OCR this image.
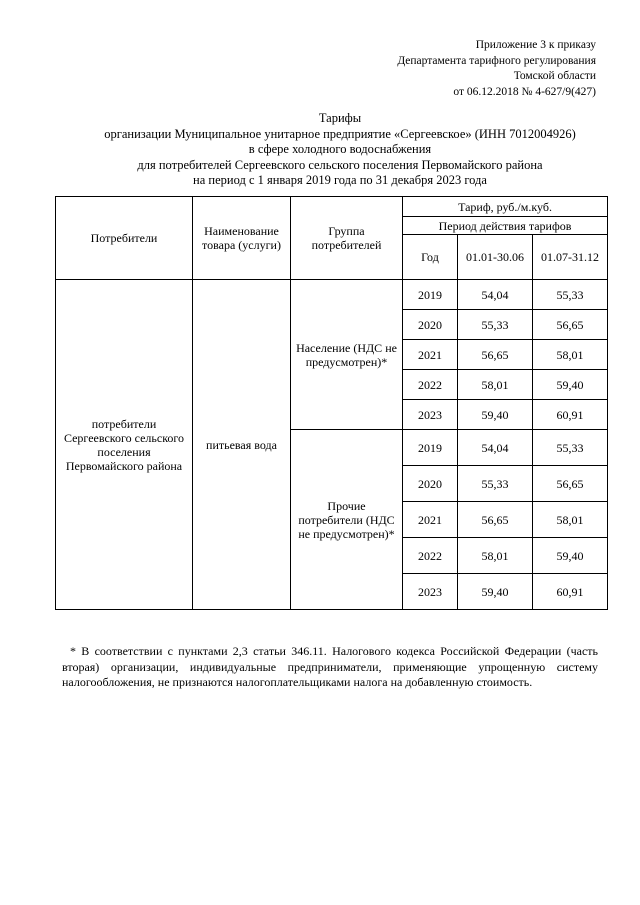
Приложение 3 к приказу
Департамента тарифного регулирования
Томской области
от 06.12.2018 № 4-627/9(427)
Тарифы
организации Муниципальное унитарное предприятие «Сергеевское» (ИНН 7012004926)
в сфере холодного водоснабжения
для потребителей Сергеевского сельского поселения Первомайского района
на период с 1 января 2019 года по 31 декабря 2023 года
Потребители	Наименование товара (услуги)	Группа потребителей	Тариф, руб./м.куб.		
			Период действия тарифов		
			Год	01.01-30.06	01.07-31.12
потребители Сергеевского сельского поселения Первомайского района	питьевая вода	Население (НДС не предусмотрен)*	2019	54,04	55,33
			2020	55,33	56,65
			2021	56,65	58,01
			2022	58,01	59,40
			2023	59,40	60,91
		Прочие потребители (НДС не предусмотрен)*	2019	54,04	55,33
			2020	55,33	56,65
			2021	56,65	58,01
			2022	58,01	59,40
			2023	59,40	60,91
* В соответствии с пунктами 2,3 статьи 346.11. Налогового кодекса Российской Федерации (часть вторая) организации, индивидуальные предприниматели, применяющие упрощенную систему налогообложения, не признаются налогоплательщиками налога на добавленную стоимость.
